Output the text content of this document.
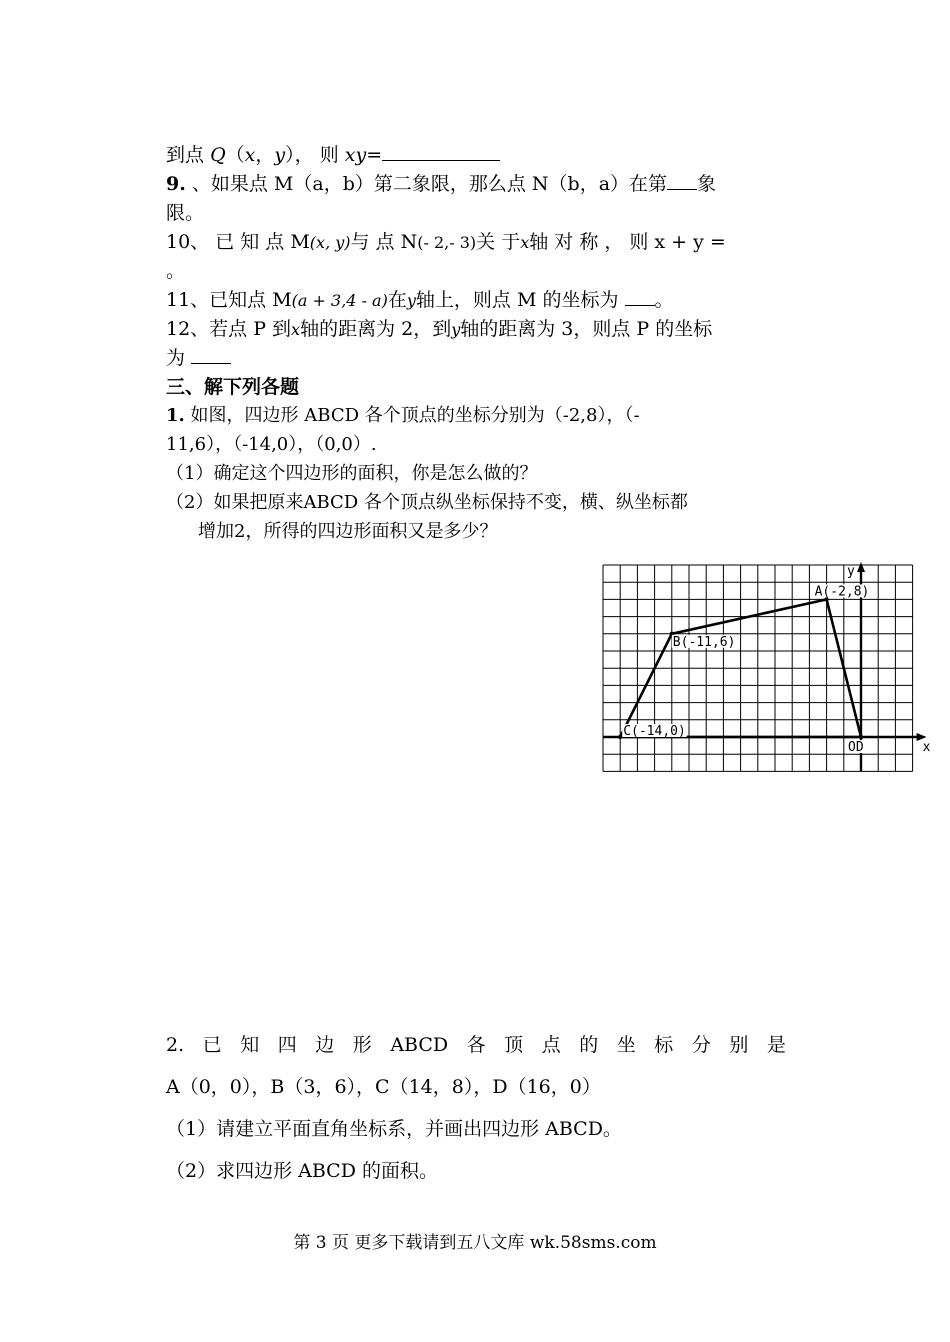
到点 Q（x，y）， 则 xy=
9. 、如果点 M（a，b）第二象限，那么点 N（b，a）在第 象
限。
10、 已 知 点 M(x, y)与 点 N(- 2,- 3)关 于x轴 对 称 ， 则 x + y =
。
11、已知点 M(a + 3,4 - a)在y轴上，则点 M 的坐标为 。
12、若点 P 到x轴的距离为 2，到y轴的距离为 3，则点 P 的坐标
为
三、解下列各题
1. 如图，四边形 ABCD 各个顶点的坐标分别为（-2,8），（-
11,6），（-14,0），（0,0）.
（1）确定这个四边形的面积，你是怎么做的？
（2）如果把原来ABCD 各个顶点纵坐标保持不变，横、纵坐标都
增加2，所得的四边形面积又是多少？
x
y
A(-2,8)
B(-11,6)
C(-14,0)
OD
2. 已 知 四 边 形 ABCD 各 顶 点 的 坐 标 分 别 是
A（0，0），B（3，6），C（14，8），D（16，0）
（1）请建立平面直角坐标系，并画出四边形 ABCD。
（2）求四边形 ABCD 的面积。
第 3 页 更多下载请到五八文库 wk.58sms.com
